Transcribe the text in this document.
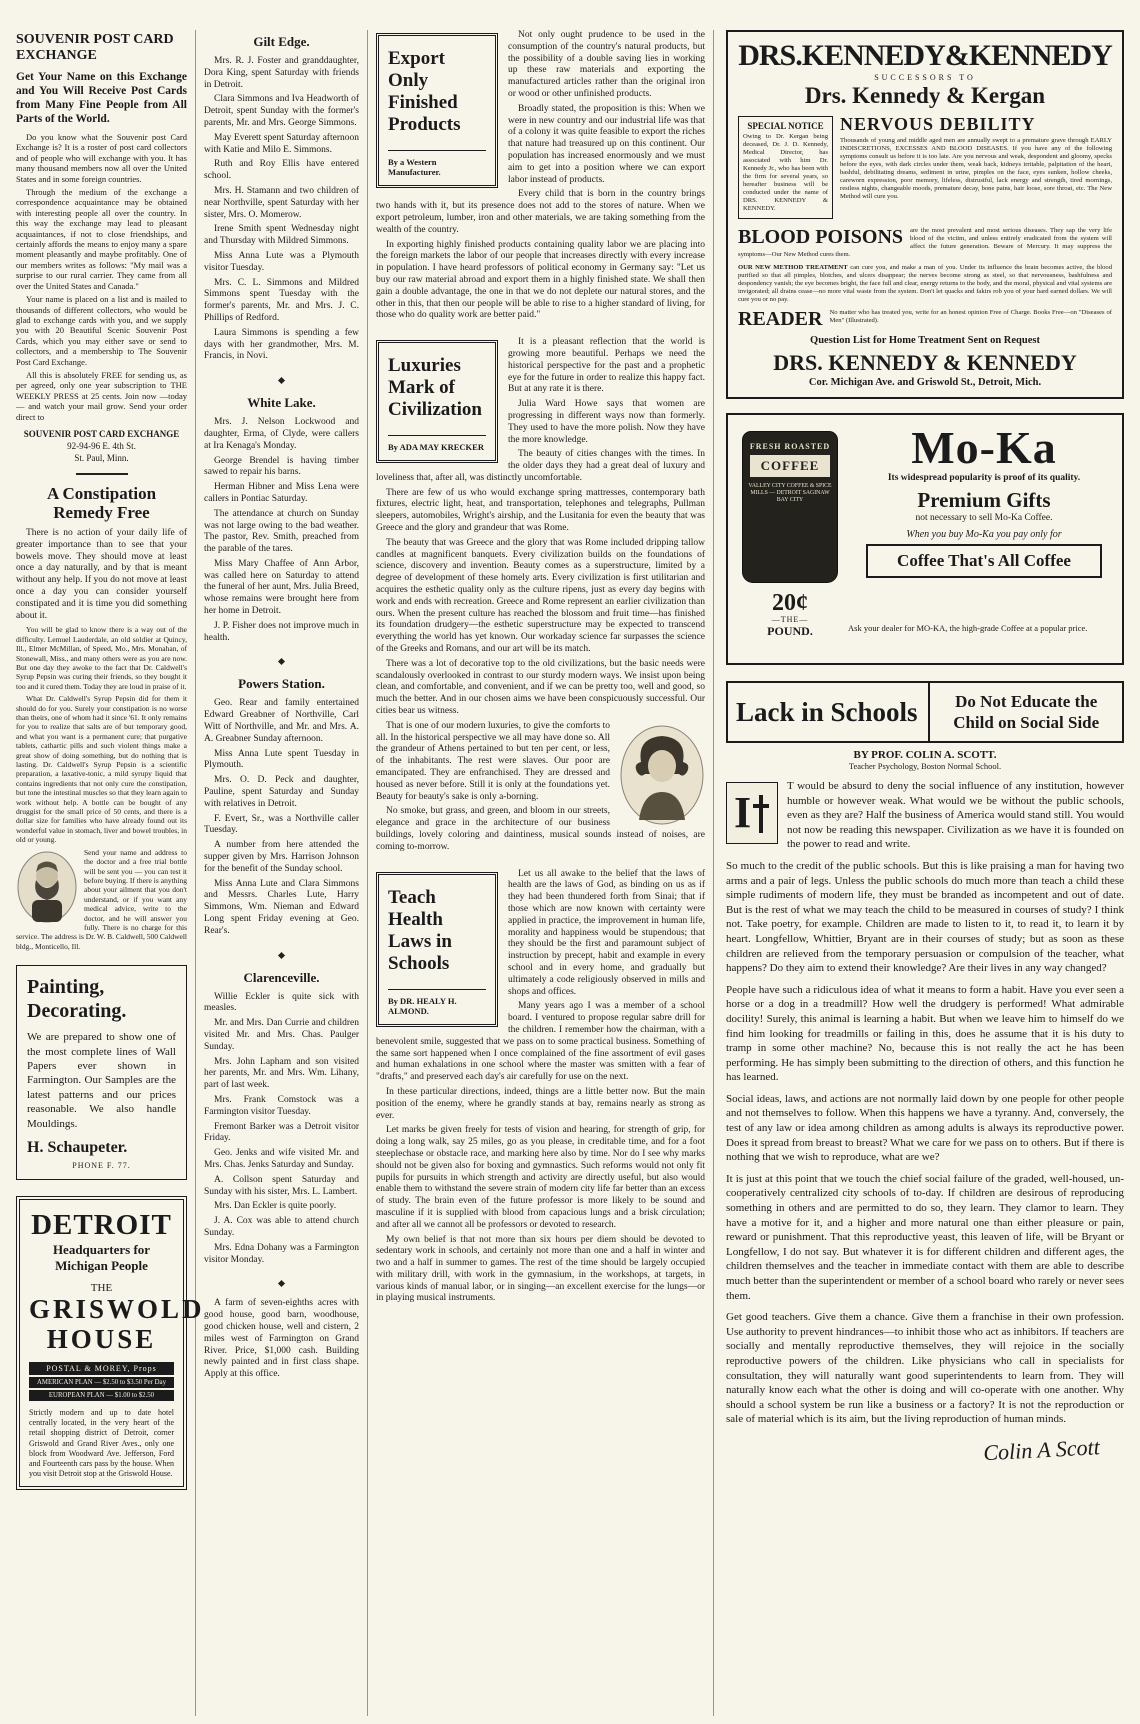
SOUVENIR POST CARD EXCHANGE
Get Your Name on this Exchange and You Will Receive Post Cards from Many Fine People from All Parts of the World.

Do you know what the Souvenir post Card Exchange is? It is a roster of post card collectors and of people who will exchange with you. It has many thousand members now all over the United States and in some foreign countries.

Through the medium of the exchange a correspondence acquaintance may be obtained with interesting people all over the country. In this way the exchange may lead to pleasant acquaintances, if not to close friendships, and certainly affords the means to enjoy many a spare moment pleasantly and maybe profitably. One of our members writes as follows: "My mail was a surprise to our rural carrier. They came from all over the United States and Canada."

Your name is placed on a list and is mailed to thousands of different collectors, who would be glad to exchange cards with you, and we supply you with 20 Beautiful Scenic Souvenir Post Cards, which you may either save or send to collectors, and a membership to The Souvenir Post Card Exchange.

All this is absolutely FREE for sending us, as per agreed, only one year subscription to THE WEEKLY PRESS at 25 cents. Join now —today— and watch your mail grow. Send your order direct to

SOUVENIR POST CARD EXCHANGE
92-94-96 E. 4th St.
St. Paul, Minn.
A Constipation Remedy Free

There is no action of your daily life of greater importance than to see that your bowels move. They should move at least once a day naturally, and by that is meant without any help. If you do not move at least once a day you can consider yourself constipated and it is time you did something about it.

You will be glad to know there is a way out of the difficulty. Lemuel Lauderdale, an old soldier at Quincy, Ill., Elmer McMillan, of Speed, Mo., Mrs. Monahan, of Stonewall, Miss., and many others were as you are now. But one day they awoke to the fact that Dr. Caldwell's Syrup Pepsin was curing their friends, so they bought it too and it cured them. Today they are loud in praise of it.

What Dr. Caldwell's Syrup Pepsin did for them it should do for you. Surely your constipation is no worse than theirs, one of whom had it since '61. It only remains for you to realize that salts are of but temporary good, and what you want is a permanent cure; that purgative tablets, cathartic pills and such violent things make a great show of doing something, but do nothing that is lasting. Dr. Caldwell's Syrup Pepsin is a scientific preparation, a laxative-tonic, a mild syrupy liquid that contains ingredients that not only cure the constipation, but tone the intestinal muscles so that they learn again to work without help. A bottle can be bought of any druggist for the small price of 50 cents, and there is a dollar size for families who have already found out its wonderful value in stomach, liver and bowel troubles, in old or young.

Send your name and address to the doctor and a free trial bottle will be sent you — you can test it before buying. If there is anything about your ailment that you don't understand, or if you want any medical advice, write to the doctor, and he will answer you fully. There is no charge for this service. The address is Dr. W. B. Caldwell, 500 Caldwell bldg., Monticello, Ill.

Painting, Decorating.
We are prepared to show one of the most complete lines of Wall Papers ever shown in Farmington. Our Samples are the latest patterns and our prices reasonable. We also handle Mouldings.
H. Schaupeter.
PHONE F. 77.
DETROIT
Headquarters for
Michigan People
THE
GRISWOLD
HOUSE
POSTAL & MOREY, Props
AMERICAN PLAN — $2.50 to $3.50 Per Day
EUROPEAN PLAN — $1.00 to $2.50
Strictly modern and up to date hotel centrally located, in the very heart of the retail shopping district of Detroit, corner Griswold and Grand River Aves., only one block from Woodward Ave. Jefferson, Ford and Fourteenth cars pass by the house. When you visit Detroit stop at the Griswold House.
Gilt Edge.

Mrs. R. J. Foster and granddaughter, Dora King, spent Saturday with friends in Detroit.

Clara Simmons and Iva Headworth of Detroit, spent Sunday with the former's parents, Mr. and Mrs. George Simmons.

May Everett spent Saturday afternoon with Katie and Milo E. Simmons.

Ruth and Roy Ellis have entered school.

Mrs. H. Stamann and two children of near Northville, spent Saturday with her sister, Mrs. O. Momerow.

Irene Smith spent Wednesday night and Thursday with Mildred Simmons.

Miss Anna Lute was a Plymouth visitor Tuesday.

Mrs. C. L. Simmons and Mildred Simmons spent Tuesday with the former's parents, Mr. and Mrs. J. C. Phillips of Redford.

Laura Simmons is spending a few days with her grandmother, Mrs. M. Francis, in Novi.

White Lake.

Mrs. J. Nelson Lockwood and daughter, Erma, of Clyde, were callers at Ira Kenaga's Monday.

George Brendel is having timber sawed to repair his barns.

Herman Hibner and Miss Lena were callers in Pontiac Saturday.

The attendance at church on Sunday was not large owing to the bad weather. The pastor, Rev. Smith, preached from the parable of the tares.

Miss Mary Chaffee of Ann Arbor, was called here on Saturday to attend the funeral of her aunt, Mrs. Julia Breed, whose remains were brought here from her home in Detroit.

J. P. Fisher does not improve much in health.

Powers Station.

Geo. Rear and family entertained Edward Greabner of Northville, Carl Witt of Northville, and Mr. and Mrs. A. A. Greabner Sunday afternoon.

Miss Anna Lute spent Tuesday in Plymouth.

Mrs. O. D. Peck and daughter, Pauline, spent Saturday and Sunday with relatives in Detroit.

F. Evert, Sr., was a Northville caller Tuesday.

A number from here attended the supper given by Mrs. Harrison Johnson for the benefit of the Sunday school.

Miss Anna Lute and Clara Simmons and Messrs. Charles Lute, Harry Simmons, Wm. Nieman and Edward Long spent Friday evening at Geo. Rear's.

Clarenceville.

Willie Eckler is quite sick with measles.

Mr. and Mrs. Dan Currie and children visited Mr. and Mrs. Chas. Paulger Sunday.

Mrs. John Lapham and son visited her parents, Mr. and Mrs. Wm. Lihany, part of last week.

Mrs. Frank Comstock was a Farmington visitor Tuesday.

Fremont Barker was a Detroit visitor Friday.

Geo. Jenks and wife visited Mr. and Mrs. Chas. Jenks Saturday and Sunday.

A. Collson spent Saturday and Sunday with his sister, Mrs. L. Lambert.

Mrs. Dan Eckler is quite poorly.

J. A. Cox was able to attend church Sunday.

Mrs. Edna Dohany was a Farmington visitor Monday.

A farm of seven-eighths acres with good house, good barn, woodhouse, good chicken house, well and cistern, 2 miles west of Farmington on Grand River. Price, $1,000 cash. Building newly painted and in first class shape. Apply at this office.

Export Only Finished Products
By a Western Manufacturer.

Not only ought prudence to be used in the consumption of the country's natural products, but the possibility of a double saving lies in working up these raw materials and exporting the manufactured articles rather than the original iron or wood or other unfinished products.

Broadly stated, the proposition is this: When we were in new country and our industrial life was that of a colony it was quite feasible to export the riches that nature had treasured up on this continent. Our population has increased enormously and we must aim to get into a position where we can export labor instead of products.

Every child that is born in the country brings two hands with it, but its presence does not add to the stores of nature. When we export petroleum, lumber, iron and other materials, we are taking something from the wealth of the country.

In exporting highly finished products containing quality labor we are placing into the foreign markets the labor of our people that increases directly with every increase in population. I have heard professors of political economy in Germany say: "Let us buy our raw material abroad and export them in a highly finished state. We shall then gain a double advantage, the one in that we do not deplete our natural stores, and the other in this, that then our people will be able to rise to a higher standard of living, for those who do quality work are better paid."

Luxuries Mark of Civilization
By ADA MAY KRECKER

It is a pleasant reflection that the world is growing more beautiful. Perhaps we need the historical perspective for the past and a prophetic eye for the future in order to realize this happy fact. But at any rate it is there.

Julia Ward Howe says that women are progressing in different ways now than formerly. They used to have the more polish. Now they have the more knowledge.

The beauty of cities changes with the times. In the older days they had a great deal of luxury and loveliness that, after all, was distinctly uncomfortable.

There are few of us who would exchange spring mattresses, contemporary bath fixtures, electric light, heat, and transportation, telephones and telegraphs, Pullman sleepers, automobiles, Wright's airship, and the Lusitania for even the beauty that was Greece and the glory and grandeur that was Rome.

The beauty that was Greece and the glory that was Rome included dripping tallow candles at magnificent banquets. Every civilization builds on the foundations of science, discovery and invention. Beauty comes as a superstructure, limited by a degree of development of these homely arts. Every civilization is first utilitarian and acquires the esthetic quality only as the culture ripens, just as every day begins with work and ends with recreation. Greece and Rome represent an earlier civilization than ours. When the present culture has reached the blossom and fruit time—has finished its foundation drudgery—the esthetic superstructure may be expected to transcend everything the world has yet known. Our workaday science far surpasses the science of the Greeks and Romans, and our art will be its match.

There was a lot of decorative top to the old civilizations, but the basic needs were scandalously overlooked in contrast to our sturdy modern ways. We insist upon being clean, and comfortable, and convenient, and if we can be pretty too, well and good, so much the better. And in our chosen aims we have been conspicuously successful. Our cities bear us witness.

That is one of our modern luxuries, to give the comforts to all. In the historical perspective we all may have done so. All the grandeur of Athens pertained to but ten per cent, or less, of the inhabitants. The rest were slaves. Our poor are emancipated. They are enfranchised. They are dressed and housed as never before. Still it is only at the foundations yet. Beauty for beauty's sake is only a-borning.

No smoke, but grass, and green, and bloom in our streets, elegance and grace in the architecture of our business buildings, lovely coloring and daintiness, musical sounds instead of noises, are coming to-morrow.

Teach Health Laws in Schools
By DR. HEALY H. ALMOND.

Let us all awake to the belief that the laws of health are the laws of God, as binding on us as if they had been thundered forth from Sinai; that if those which are now known with certainty were applied in practice, the improvement in human life, morality and happiness would be stupendous; that they should be the first and paramount subject of instruction by precept, habit and example in every school and in every home, and gradually but ultimately a code religiously observed in mills and shops and offices.

Many years ago I was a member of a school board. I ventured to propose regular sabre drill for the children. I remember how the chairman, with a benevolent smile, suggested that we pass on to some practical business. Something of the same sort happened when I once complained of the fine assortment of evil gases and human exhalations in one school where the master was smitten with a fear of "drafts," and preserved each day's air carefully for use on the next.

In these particular directions, indeed, things are a little better now. But the main position of the enemy, where he grandly stands at bay, remains nearly as strong as ever.

Let marks be given freely for tests of vision and hearing, for strength of grip, for doing a long walk, say 25 miles, go as you please, in creditable time, and for a foot steeplechase or obstacle race, and marking here also by time. Nor do I see why marks should not be given also for boxing and gymnastics. Such reforms would not only fit pupils for pursuits in which strength and activity are directly useful, but also would enable them to withstand the severe strain of modern city life far better than an excess of study. The brain even of the future professor is more likely to be sound and masculine if it is supplied with blood from capacious lungs and a brisk circulation; and after all we cannot all be professors or devoted to research.

My own belief is that not more than six hours per diem should be devoted to sedentary work in schools, and certainly not more than one and a half in winter and two and a half in summer to games. The rest of the time should be largely occupied with military drill, with work in the gymnasium, in the workshops, at targets, in various kinds of manual labor, or in singing—an excellent exercise for the lungs—or in playing musical instruments.

DRS.KENNEDY&KENNEDY
SUCCESSORS TO
Drs. Kennedy & Kergan
SPECIAL NOTICE
Owing to Dr. Kergan being deceased, Dr. J. D. Kennedy, Medical Director, has associated with him Dr. Kennedy Jr., who has been with the firm for several years, so hereafter business will be conducted under the name of DRS. KENNEDY & KENNEDY.
NERVOUS DEBILITY
Thousands of young and middle aged men are annually swept to a premature grave through EARLY INDISCRETIONS, EXCESSES AND BLOOD DISEASES. If you have any of the following symptoms consult us before it is too late. Are you nervous and weak, despondent and gloomy, specks before the eyes, with dark circles under them, weak back, kidneys irritable, palpitation of the heart, bashful, debilitating dreams, sediment in urine, pimples on the face, eyes sunken, hollow cheeks, careworn expression, poor memory, lifeless, distrustful, lack energy and strength, tired mornings, restless nights, changeable moods, premature decay, bone pains, hair loose, sore throat, etc. The New Method will cure you.
BLOOD POISONS	are the most prevalent and most serious diseases. They sap the very life blood of the victim, and unless entirely eradicated from the system will affect the future generation. Beware of Mercury. It may suppress the symptoms—Our New Method cures them.

OUR NEW METHOD TREATMENT can cure you, and make a man of you. Under its influence the brain becomes active, the blood purified so that all pimples, blotches, and ulcers disappear; the nerves become strong as steel, so that nervousness, bashfulness and despondency vanish; the eye becomes bright, the face full and clear, energy returns to the body, and the moral, physical and vital systems are invigorated; all drains cease—no more vital waste from the system. Don't let quacks and fakirs rob you of your hard earned dollars. We will cure you or no pay.

READER	No matter who has treated you, write for an honest opinion Free of Charge. Books Free—on "Diseases of Men" (Illustrated).
Question List for Home Treatment Sent on Request
DRS. KENNEDY & KENNEDY
Cor. Michigan Ave. and Griswold St., Detroit, Mich.
FRESH ROASTED
COFFEE
VALLEY CITY COFFEE & SPICE MILLS — DETROIT SAGINAW BAY CITY
Mo-Ka
Its widespread popularity is proof of its quality.
Premium Gifts
not necessary to sell Mo-Ka Coffee.
When you buy Mo-Ka you pay only for
Coffee That's All Coffee
20¢
—THE—
POUND.	Ask your dealer for MO-KA, the high-grade Coffee at a popular price.
Lack in Schools	Do Not Educate the Child on Social Side
BY PROF. COLIN A. SCOTT.
Teacher Psychology, Boston Normal School.
I

T would be absurd to deny the social influence of any institution, however humble or however weak. What would we be without the public schools, even as they are? Half the business of America would stand still. You would not now be reading this newspaper. Civilization as we have it is founded on the power to read and write.

So much to the credit of the public schools. But this is like praising a man for having two arms and a pair of legs. Unless the public schools do much more than teach a child these simple rudiments of modern life, they must be branded as incompetent and out of date. But is the rest of what we may teach the child to be measured in courses of study? I think not. Take poetry, for example. Children are made to listen to it, to read it, to learn it by heart. Longfellow, Whittier, Bryant are in their courses of study; but as soon as these children are relieved from the temporary persuasion or compulsion of the teacher, what happens? Do they aim to extend their knowledge? Are their lives in any way changed?

People have such a ridiculous idea of what it means to form a habit. Have you ever seen a horse or a dog in a treadmill? How well the drudgery is performed! What admirable docility! Surely, this animal is learning a habit. But when we leave him to himself do we find him looking for treadmills or failing in this, does he assume that it is his duty to tramp in some other machine? No, because this is not really the act he has been performing. He has simply been submitting to the direction of others, and this function he has learned.

Social ideas, laws, and actions are not normally laid down by one people for other people and not themselves to follow. When this happens we have a tyranny. And, conversely, the test of any law or idea among children as among adults is always its reproductive power. Does it spread from breast to breast? What we care for we pass on to others. But if there is nothing that we wish to reproduce, what are we?

It is just at this point that we touch the chief social failure of the graded, well-housed, un-cooperatively centralized city schools of to-day. If children are desirous of reproducing something in others and are permitted to do so, they learn. They clamor to learn. They have a motive for it, and a higher and more natural one than either pleasure or pain, reward or punishment. That this reproductive yeast, this leaven of life, will be Bryant or Longfellow, I do not say. But whatever it is for different children and different ages, the children themselves and the teacher in immediate contact with them are able to describe much better than the superintendent or member of a school board who rarely or never sees them.

Get good teachers. Give them a chance. Give them a franchise in their own profession. Use authority to prevent hindrances—to inhibit those who act as inhibitors. If teachers are socially and mentally reproductive themselves, they will rejoice in the socially reproductive powers of the children. Like physicians who call in specialists for consultation, they will naturally want good superintendents to learn from. They will naturally know each what the other is doing and will co-operate with one another. Why should a school system be run like a business or a factory? It is not the reproduction or sale of material which is its aim, but the living reproduction of human minds.

Colin A Scott
